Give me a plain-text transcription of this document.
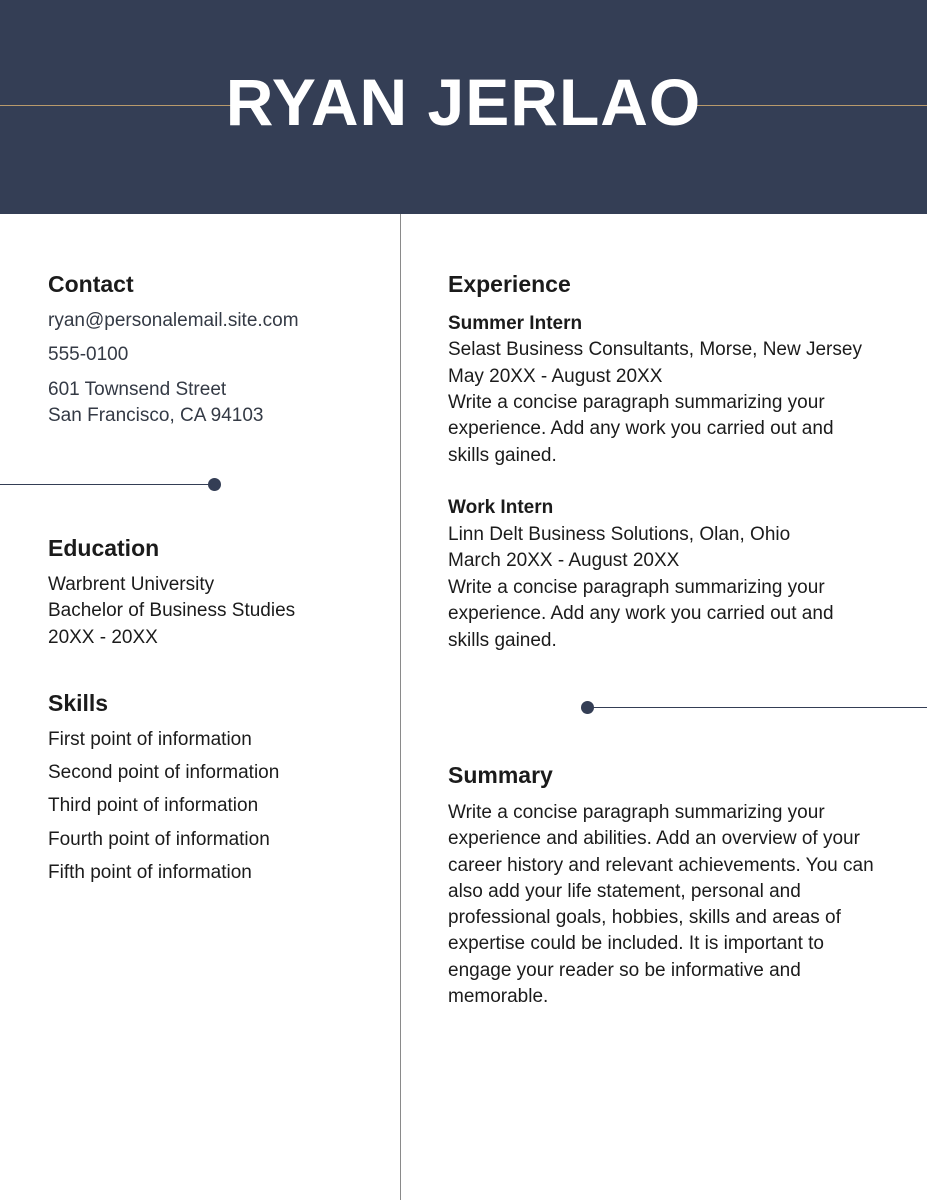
RYAN JERLAO
Contact
ryan@personalemail.site.com
555-0100
601 Townsend Street
San Francisco, CA 94103
Education
Warbrent University
Bachelor of Business Studies
20XX - 20XX
Skills
First point of information
Second point of information
Third point of information
Fourth point of information
Fifth point of information
Experience
Summer Intern
Selast Business Consultants, Morse, New Jersey
May 20XX - August 20XX

Write a concise paragraph summarizing your experience. Add any work you carried out and skills gained.

Work Intern
Linn Delt Business Solutions, Olan, Ohio
March 20XX - August 20XX

Write a concise paragraph summarizing your experience. Add any work you carried out and skills gained.

Summary

Write a concise paragraph summarizing your experience and abilities. Add an overview of your career history and relevant achievements. You can also add your life statement, personal and professional goals, hobbies, skills and areas of expertise could be included. It is important to engage your reader so be informative and memorable.
